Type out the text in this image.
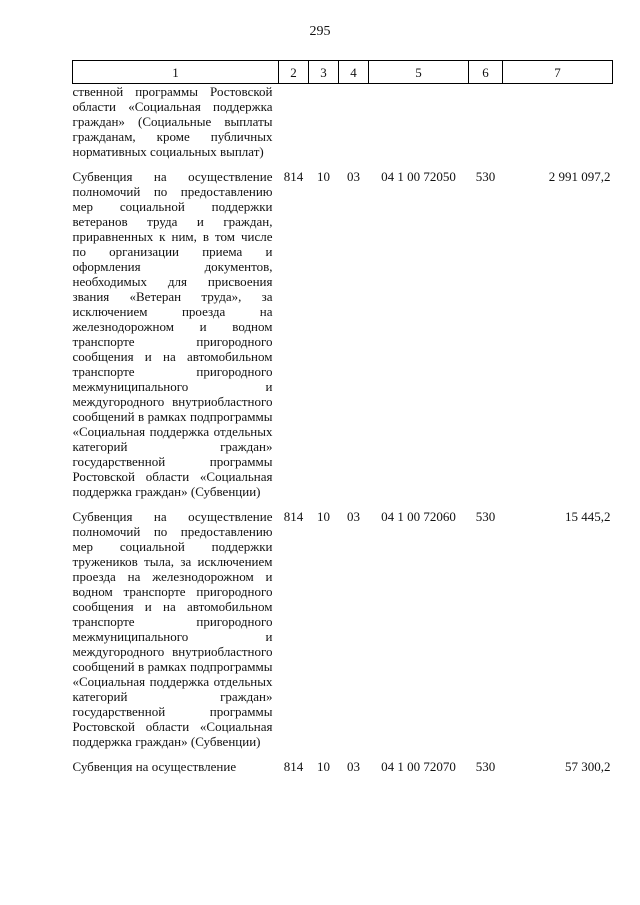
295
1	2	3	4	5	6	7
ственной программы Ростовской области «Социальная поддержка граждан» (Социальные выплаты гражданам, кроме публичных нормативных социальных выплат)						
Субвенция на осуществление полномочий по предоставлению мер социальной поддержки ветеранов труда и граждан, приравненных к ним, в том числе по организации приема и оформления документов, необходимых для присвоения звания «Ветеран труда», за исключением проезда на железнодорожном и водном транспорте пригородного сообщения и на автомобильном транспорте пригородного межмуниципального и междугородного внутриобластного сообщений в рамках подпрограммы «Социальная поддержка отдельных категорий граждан» государственной программы Ростовской области «Социальная поддержка граждан» (Субвенции)	814	10	03	04 1 00 72050	530	2 991 097,2
Субвенция на осуществление полномочий по предоставлению мер социальной поддержки тружеников тыла, за исключением проезда на железнодорожном и водном транспорте пригородного сообщения и на автомобильном транспорте пригородного межмуниципального и междугородного внутриобластного сообщений в рамках подпрограммы «Социальная поддержка отдельных категорий граждан» государственной программы Ростовской области «Социальная поддержка граждан» (Субвенции)	814	10	03	04 1 00 72060	530	15 445,2
Субвенция на осуществление	814	10	03	04 1 00 72070	530	57 300,2
